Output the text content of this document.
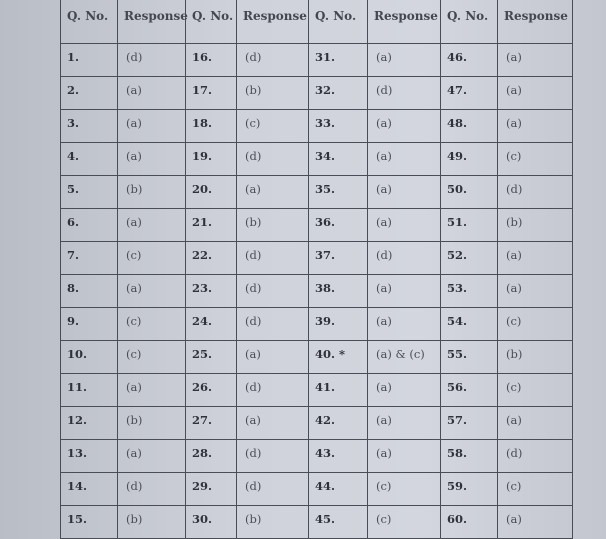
Q. No.	Response	Q. No.	Response	Q. No.	Response	Q. No.	Response
1.	(d)	16.	(d)	31.	(a)	46.	(a)
2.	(a)	17.	(b)	32.	(d)	47.	(a)
3.	(a)	18.	(c)	33.	(a)	48.	(a)
4.	(a)	19.	(d)	34.	(a)	49.	(c)
5.	(b)	20.	(a)	35.	(a)	50.	(d)
6.	(a)	21.	(b)	36.	(a)	51.	(b)
7.	(c)	22.	(d)	37.	(d)	52.	(a)
8.	(a)	23.	(d)	38.	(a)	53.	(a)
9.	(c)	24.	(d)	39.	(a)	54.	(c)
10.	(c)	25.	(a)	40. *	(a) & (c)	55.	(b)
11.	(a)	26.	(d)	41.	(a)	56.	(c)
12.	(b)	27.	(a)	42.	(a)	57.	(a)
13.	(a)	28.	(d)	43.	(a)	58.	(d)
14.	(d)	29.	(d)	44.	(c)	59.	(c)
15.	(b)	30.	(b)	45.	(c)	60.	(a)
